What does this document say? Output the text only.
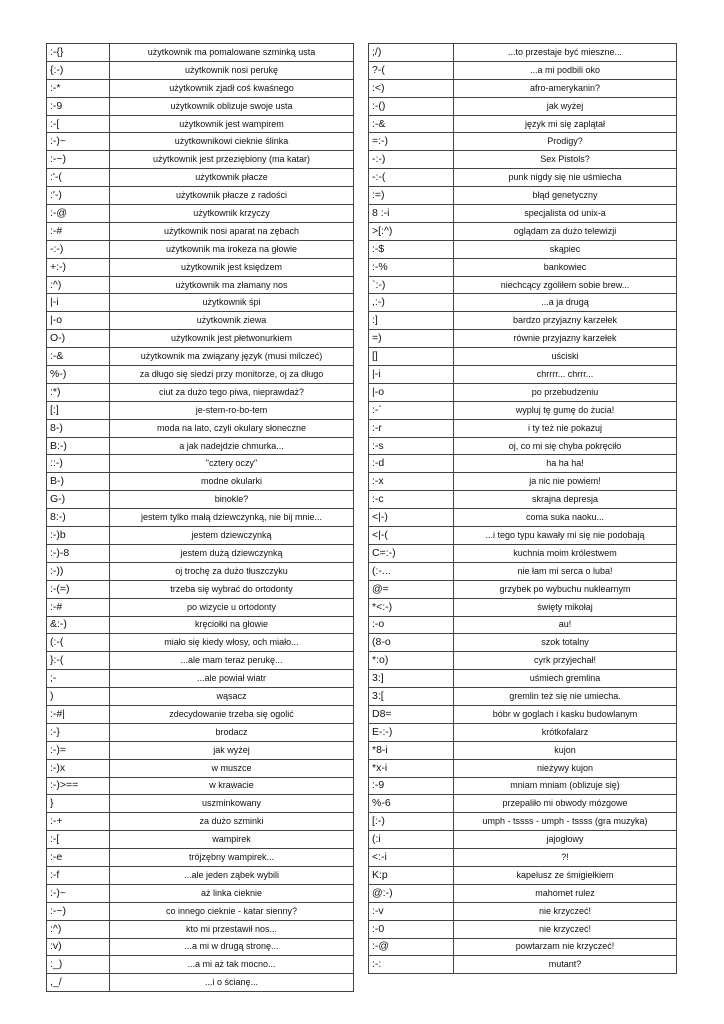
:-{}	użytkownik ma pomalowane szminką usta
{:-)	użytkownik nosi perukę
:-*	użytkownik zjadł coś kwaśnego
:-9	użytkownik oblizuje swoje usta
:-[	użytkownik jest wampirem
:-)~	użytkownikowi cieknie ślinka
:-~)	użytkownik jest przeziębiony (ma katar)
:'-(	użytkownik płacze
:'-)	użytkownik płacze z radości
:-@	użytkownik krzyczy
:-#	użytkownik nosi aparat na zębach
-:-)	użytkownik ma irokeza na głowie
+:-)	użytkownik jest księdzem
:^)	użytkownik ma złamany nos
|-i	użytkownik śpi
|-o	użytkownik ziewa
O-)	użytkownik jest płetwonurkiem
:-&	użytkownik ma związany język (musi milczeć)
%-)	za długo się siedzi przy monitorze, oj za długo
:*)	ciut za dużo tego piwa, nieprawdaż?
[:]	je-stem-ro-bo-tem
8-)	moda na lato, czyli okulary słoneczne
B:-)	a jak nadejdzie chmurka...
::-)	"cztery oczy"
B-)	modne okularki
G-)	binokle?
8:-)	jestem tylko małą dziewczynką, nie bij mnie...
:-)b	jestem dziewczynką
:-)-8	jestem dużą dziewczynką
:-))	oj trochę za dużo tłuszczyku
:-(=)	trzeba się wybrać do ortodonty
:-#	po wizycie u ortodonty
&:-)	kręciołki na głowie
(:-(	miało się kiedy włosy, och miało...
}:-(	...ale mam teraz perukę...
;-	...ale powiał wiatr
)	wąsacz
:-#|	zdecydowanie trzeba się ogolić
:-}	brodacz
:-)=	jak wyżej
:-)x	w muszce
:-)>==	w krawacie
}	uszminkowany
:-+	za dużo szminki
:-[	wampirek
:-e	trójzębny wampirek...
:-f	...ale jeden ząbek wybili
:-)~	aż linka cieknie
:-~)	co innego cieknie - katar sienny?
:^)	kto mi przestawił nos...
:v)	...a mi w drugą stronę...
:_)	...a mi aż tak mocno...
,_/	...i o ścianę...
;/)	...to przestaje być mieszne...
?-(	...a mi podbili oko
:<)	afro-amerykanin?
:-()	jak wyżej
:-&	język mi się zaplątał
=:-)	Prodigy?
-:-)	Sex Pistols?
-:-(	punk nigdy się nie uśmiecha
:=)	błąd genetyczny
8 :-i	specjalista od unix-a
>[:^)	oglądam za dużo telewizji
:-$	skąpiec
:-%	bankowiec
`:-)	niechcący zgoliłem sobie brew...
,:-)	...a ja drugą
:]	bardzo przyjazny karzełek
=)	równie przyjazny karzełek
[]	uściski
|-i	chrrrr... chrrr...
|-o	po przebudzeniu
:-`	wypluj tę gumę do żucia!
:-r	i ty też nie pokazuj
:-s	oj, co mi się chyba pokręciło
:-d	ha ha ha!
:-x	ja nic nie powiem!
:-c	skrajna depresja
<|-)	coma suka naoku...
<|-(	...i tego typu kawały mi się nie podobają
C=:-)	kuchnia moim królestwem
(:-...	nie łam mi serca o luba!
@=	grzybek po wybuchu nuklearnym
*<:-)	święty mikołaj
:-o	au!
(8-o	szok totalny
*:o)	cyrk przyjechał!
3:]	uśmiech gremlina
3:[	gremlin też się nie umiecha.
D8=	bóbr w goglach i kasku budowlanym
E-:-)	krótkofalarz
*8-i	kujon
*x-i	nieżywy kujon
:-9	mniam mniam (oblizuje się)
%-6	przepaliło mi obwody mózgowe
[:-)	umph - tssss - umph - tssss (gra muzyka)
(:i	jajogłowy
<:-i	?!
K:p	kapelusz ze śmigiełkiem
@:-)	mahomet rulez
:-v	nie krzyczeć!
:-0	nie krzyczeć!
:-@	powtarzam nie krzyczeć!
:-:	mutant?
